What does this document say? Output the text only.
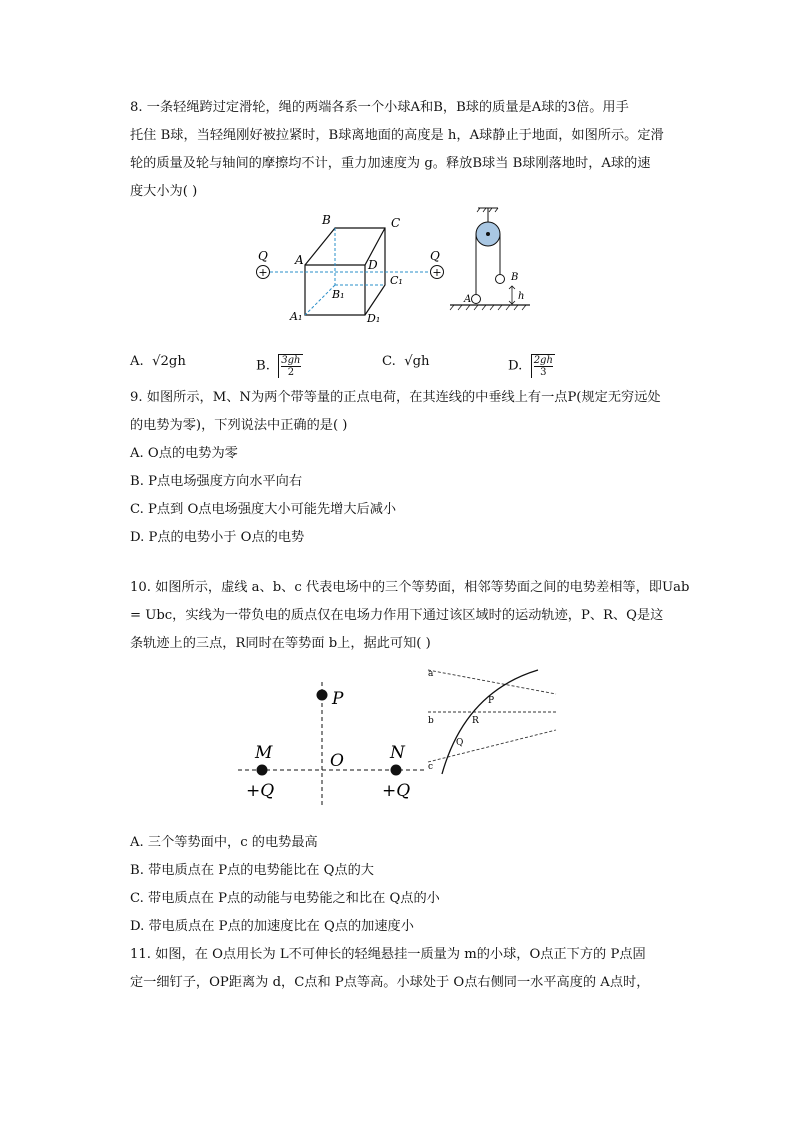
8. 一条轻绳跨过定滑轮，绳的两端各系一个小球A和B，B球的质量是A球的3倍。用手
托住 B球，当轻绳刚好被拉紧时，B球离地面的高度是 h，A球静止于地面，如图所示。定滑
轮的质量及轮与轴间的摩擦均不计，重力加速度为 g。释放B球当 B球刚落地时，A球的速
度大小为( )
+	+
B	C
A	D
B₁
C₁
A₁	D₁
Q	Q
B
A	h
A. √2gh	B. $\frac{3gh}{2}$	C. √gh	D. $\frac{2gh}{3}$
9. 如图所示，M、N为两个带等量的正点电荷，在其连线的中垂线上有一点P(规定无穷远处
的电势为零)，下列说法中正确的是( )
A. O点的电势为零
B. P点电场强度方向水平向右
C. P点到 O点电场强度大小可能先增大后减小
D. P点的电势小于 O点的电势
10. 如图所示，虚线 a、b、c 代表电场中的三个等势面，相邻等势面之间的电势差相等，即Uab
= Ubc，实线为一带负电的质点仅在电场力作用下通过该区域时的运动轨迹，P、R、Q是这
条轨迹上的三点，R同时在等势面 b上，据此可知( )
P
M	O	N
+Q	+Q
a
P
b	R
Q
c
A. 三个等势面中，c 的电势最高
B. 带电质点在 P点的电势能比在 Q点的大
C. 带电质点在 P点的动能与电势能之和比在 Q点的小
D. 带电质点在 P点的加速度比在 Q点的加速度小
11. 如图，在 O点用长为 L不可伸长的轻绳悬挂一质量为 m的小球，O点正下方的 P点固
定一细钉子，OP距离为 d，C点和 P点等高。小球处于 O点右侧同一水平高度的 A点时，
